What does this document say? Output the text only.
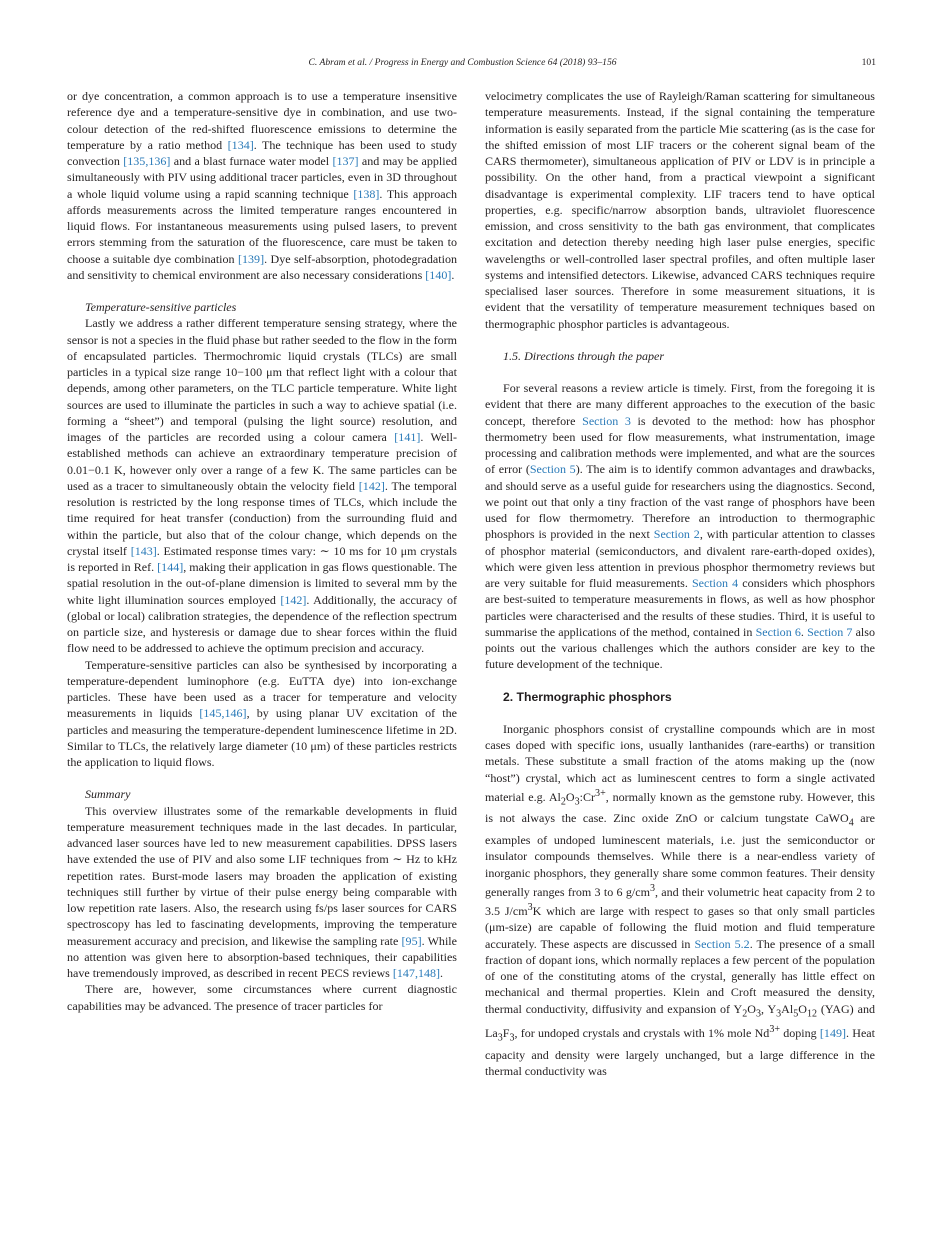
C. Abram et al. / Progress in Energy and Combustion Science 64 (2018) 93–156	101

or dye concentration, a common approach is to use a temperature insensitive reference dye and a temperature-sensitive dye in combination, and use two-colour detection of the red-shifted fluorescence emissions to determine the temperature by a ratio method [134]. The technique has been used to study convection [135,136] and a blast furnace water model [137] and may be applied simultaneously with PIV using additional tracer particles, even in 3D throughout a whole liquid volume using a rapid scanning technique [138]. This approach affords measurements across the limited temperature ranges encountered in liquid flows. For instantaneous measurements using pulsed lasers, to prevent errors stemming from the saturation of the fluorescence, care must be taken to choose a suitable dye combination [139]. Dye self-absorption, photodegradation and sensitivity to chemical environment are also necessary considerations [140].

Temperature-sensitive particles

Lastly we address a rather different temperature sensing strategy, where the sensor is not a species in the fluid phase but rather seeded to the flow in the form of encapsulated particles. Thermochromic liquid crystals (TLCs) are small particles in a typical size range 10−100 μm that reflect light with a colour that depends, among other parameters, on the TLC particle temperature. White light sources are used to illuminate the particles in such a way to achieve spatial (i.e. forming a “sheet”) and temporal (pulsing the light source) resolution, and images of the particles are recorded using a colour camera [141]. Well-established methods can achieve an extraordinary temperature precision of 0.01−0.1 K, however only over a range of a few K. The same particles can be used as a tracer to simultaneously obtain the velocity field [142]. The temporal resolution is restricted by the long response times of TLCs, which include the time required for heat transfer (conduction) from the surrounding fluid and within the particle, but also that of the colour change, which depends on the crystal itself [143]. Estimated response times vary: ∼ 10 ms for 10 μm crystals is reported in Ref. [144], making their application in gas flows questionable. The spatial resolution in the out-of-plane dimension is limited to several mm by the white light illumination sources employed [142]. Additionally, the accuracy of (global or local) calibration strategies, the dependence of the reflection spectrum on particle size, and hysteresis or damage due to shear forces within the fluid flow need to be addressed to achieve the optimum precision and accuracy.

Temperature-sensitive particles can also be synthesised by incorporating a temperature-dependent luminophore (e.g. EuTTA dye) into ion-exchange particles. These have been used as a tracer for temperature and velocity measurements in liquids [145,146], by using planar UV excitation of the particles and measuring the temperature-dependent luminescence lifetime in 2D. Similar to TLCs, the relatively large diameter (10 μm) of these particles restricts the application to liquid flows.

Summary

This overview illustrates some of the remarkable developments in fluid temperature measurement techniques made in the last decades. In particular, advanced laser sources have led to new measurement capabilities. DPSS lasers have extended the use of PIV and also some LIF techniques from ∼ Hz to kHz repetition rates. Burst-mode lasers may broaden the application of existing techniques still further by virtue of their pulse energy being comparable with low repetition rate lasers. Also, the research using fs/ps laser sources for CARS spectroscopy has led to fascinating developments, improving the temperature measurement accuracy and precision, and likewise the sampling rate [95]. While no attention was given here to absorption-based techniques, their capabilities have tremendously improved, as described in recent PECS reviews [147,148].

There are, however, some circumstances where current diagnostic capabilities may be advanced. The presence of tracer particles for

velocimetry complicates the use of Rayleigh/Raman scattering for simultaneous temperature measurements. Instead, if the signal containing the temperature information is easily separated from the particle Mie scattering (as is the case for the shifted emission of most LIF tracers or the coherent signal beam of the CARS thermometer), simultaneous application of PIV or LDV is in principle a possibility. On the other hand, from a practical viewpoint a significant disadvantage is experimental complexity. LIF tracers tend to have optical properties, e.g. specific/narrow absorption bands, ultraviolet fluorescence emission, and cross sensitivity to the bath gas environment, that complicates excitation and detection thereby needing high laser pulse energies, specific wavelengths or well-controlled laser spectral profiles, and often multiple laser systems and intensified detectors. Likewise, advanced CARS techniques require specialised laser sources. Therefore in some measurement situations, it is evident that the versatility of temperature measurement techniques based on thermographic phosphor particles is advantageous.

1.5. Directions through the paper

For several reasons a review article is timely. First, from the foregoing it is evident that there are many different approaches to the execution of the basic concept, therefore Section 3 is devoted to the method: how has phosphor thermometry been used for flow measurements, what instrumentation, image processing and calibration methods were implemented, and what are the sources of error (Section 5). The aim is to identify common advantages and drawbacks, and should serve as a useful guide for researchers using the diagnostics. Second, we point out that only a tiny fraction of the vast range of phosphors have been used for flow thermometry. Therefore an introduction to thermographic phosphors is provided in the next Section 2, with particular attention to classes of phosphor material (semiconductors, and divalent rare-earth-doped oxides), which were given less attention in previous phosphor thermometry reviews but are very suitable for fluid measurements. Section 4 considers which phosphors are best-suited to temperature measurements in flows, as well as how phosphor particles were characterised and the results of these studies. Third, it is useful to summarise the applications of the method, contained in Section 6. Section 7 also points out the various challenges which the authors consider are key to the future development of the technique.

2. Thermographic phosphors

Inorganic phosphors consist of crystalline compounds which are in most cases doped with specific ions, usually lanthanides (rare-earths) or transition metals. These substitute a small fraction of the atoms making up the (now “host”) crystal, which act as luminescent centres to form a single activated material e.g. $Al_2O_3:Cr^{3+}$, normally known as the gemstone ruby. However, this is not always the case. Zinc oxide ZnO or calcium tungstate CaWO$_4$ are examples of undoped luminescent materials, i.e. just the semiconductor or insulator compounds themselves. While there is a near-endless variety of inorganic phosphors, they generally share some common features. Their density generally ranges from 3 to 6 $g/cm^3$, and their volumetric heat capacity from 2 to 3.5 $J/cm^3K$ which are large with respect to gases so that only small particles (μm-size) are capable of following the fluid motion and fluid temperature accurately. These aspects are discussed in Section 5.2. The presence of a small fraction of dopant ions, which normally replaces a few percent of the population of one of the constituting atoms of the crystal, generally has little effect on mechanical and thermal properties. Klein and Croft measured the density, thermal conductivity, diffusivity and expansion of $Y_2O_3$, $Y_3Al_5O_{12}$ (YAG) and $La_3F_3$, for undoped crystals and crystals with 1% mole $Nd^{3+}$ doping [149]. Heat capacity and density were largely unchanged, but a large difference in the thermal conductivity was
